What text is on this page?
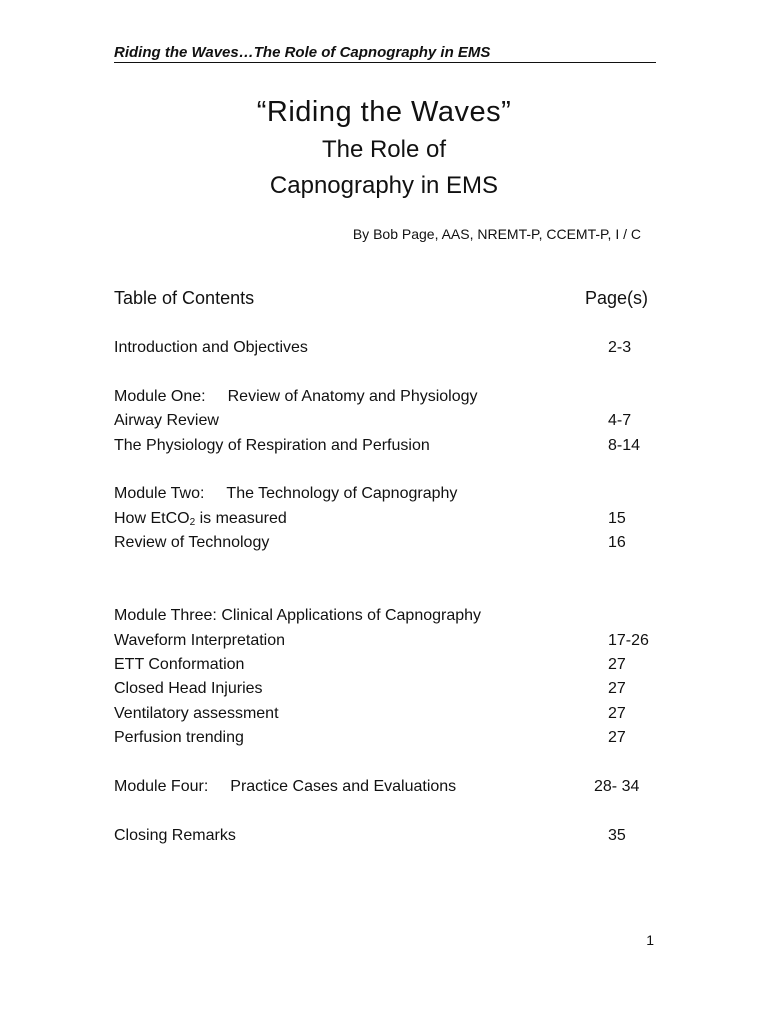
Riding the Waves…The Role of Capnography in EMS
“Riding the Waves”
The Role of
Capnography in EMS
By Bob Page, AAS, NREMT-P, CCEMT-P, I / C
Table of Contents	Page(s)
Introduction and Objectives	2-3
Module One: Review of Anatomy and Physiology
Airway Review	4-7
The Physiology of Respiration and Perfusion	8-14
Module Two: The Technology of Capnography
How EtCO$_2$ is measured	15
Review of Technology	16
Module Three: Clinical Applications of Capnography
Waveform Interpretation	17-26
ETT Conformation	27
Closed Head Injuries	27
Ventilatory assessment	27
Perfusion trending	27
Module Four: Practice Cases and Evaluations	28- 34
Closing Remarks	35
1
